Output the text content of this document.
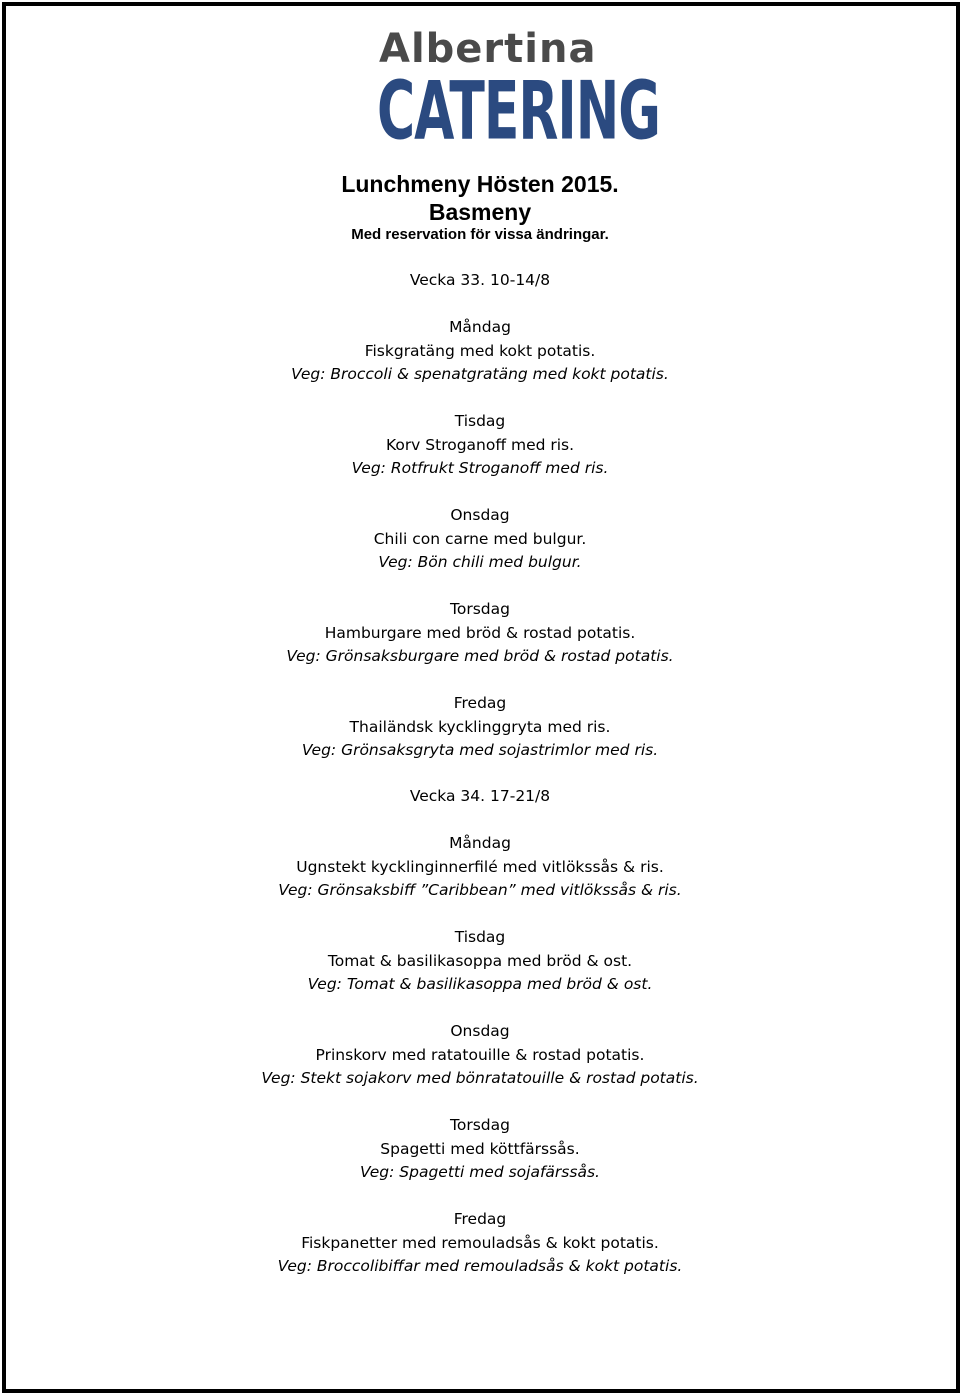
Albertina
CATERING
Lunchmeny Hösten 2015.
Basmeny
Med reservation för vissa ändringar.
Vecka 33. 10-14/8
Måndag
Fiskgratäng med kokt potatis.
Veg: Broccoli & spenatgratäng med kokt potatis.
Tisdag
Korv Stroganoff med ris.
Veg: Rotfrukt Stroganoff med ris.
Onsdag
Chili con carne med bulgur.
Veg: Bön chili med bulgur.
Torsdag
Hamburgare med bröd & rostad potatis.
Veg: Grönsaksburgare med bröd & rostad potatis.
Fredag
Thailändsk kycklinggryta med ris.
Veg: Grönsaksgryta med sojastrimlor med ris.
Vecka 34. 17-21/8
Måndag
Ugnstekt kycklinginnerfilé med vitlökssås & ris.
Veg: Grönsaksbiff ”Caribbean” med vitlökssås & ris.
Tisdag
Tomat & basilikasoppa med bröd & ost.
Veg: Tomat & basilikasoppa med bröd & ost.
Onsdag
Prinskorv med ratatouille & rostad potatis.
Veg: Stekt sojakorv med bönratatouille & rostad potatis.
Torsdag
Spagetti med köttfärssås.
Veg: Spagetti med sojafärssås.
Fredag
Fiskpanetter med remouladsås & kokt potatis.
Veg: Broccolibiffar med remouladsås & kokt potatis.
